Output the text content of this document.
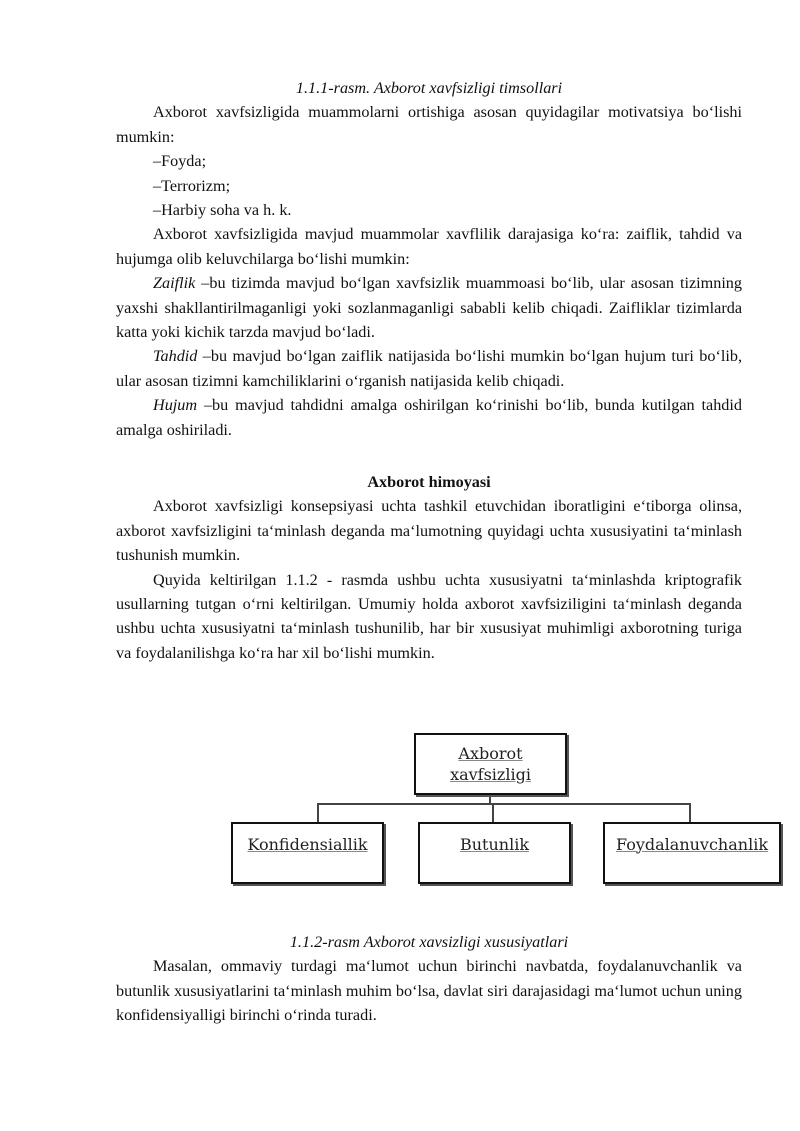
1.1.1-rasm. Axborot xavfsizligi timsollari

Axborot xavfsizligida muammolarni ortishiga asosan quyidagilar motivatsiya bo‘lishi mumkin:

–Foyda;

–Terrorizm;

–Harbiy soha va h. k.

Axborot xavfsizligida mavjud muammolar xavflilik darajasiga ko‘ra: zaiflik, tahdid va hujumga olib keluvchilarga bo‘lishi mumkin:

Zaiflik –bu tizimda mavjud bo‘lgan xavfsizlik muammoasi bo‘lib, ular asosan tizimning yaxshi shakllantirilmaganligi yoki sozlanmaganligi sababli kelib chiqadi. Zaifliklar tizimlarda katta yoki kichik tarzda mavjud bo‘ladi.

Tahdid –bu mavjud bo‘lgan zaiflik natijasida bo‘lishi mumkin bo‘lgan hujum turi bo‘lib, ular asosan tizimni kamchiliklarini o‘rganish natijasida kelib chiqadi.

Hujum –bu mavjud tahdidni amalga oshirilgan ko‘rinishi bo‘lib, bunda kutilgan tahdid amalga oshiriladi.

Axborot himoyasi

Axborot xavfsizligi konsepsiyasi uchta tashkil etuvchidan iboratligini e‘tiborga olinsa, axborot xavfsizligini ta‘minlash deganda ma‘lumotning quyidagi uchta xususiyatini ta‘minlash tushunish mumkin.

Quyida keltirilgan 1.1.2 - rasmda ushbu uchta xususiyatni ta‘minlashda kriptografik usullarning tutgan o‘rni keltirilgan. Umumiy holda axborot xavfsiziligini ta‘minlash deganda ushbu uchta xususiyatni ta‘minlash tushunilib, har bir xususiyat muhimligi axborotning turiga va foydalanilishga ko‘ra har xil bo‘lishi mumkin.

Axborot
xavfsizligi
Konfidensiallik	Butunlik	Foydalanuvchanlik

1.1.2-rasm Axborot xavsizligi xususiyatlari

Masalan, ommaviy turdagi ma‘lumot uchun birinchi navbatda, foydalanuvchanlik va butunlik xususiyatlarini ta‘minlash muhim bo‘lsa, davlat siri darajasidagi ma‘lumot uchun uning konfidensiyalligi birinchi o‘rinda turadi.
